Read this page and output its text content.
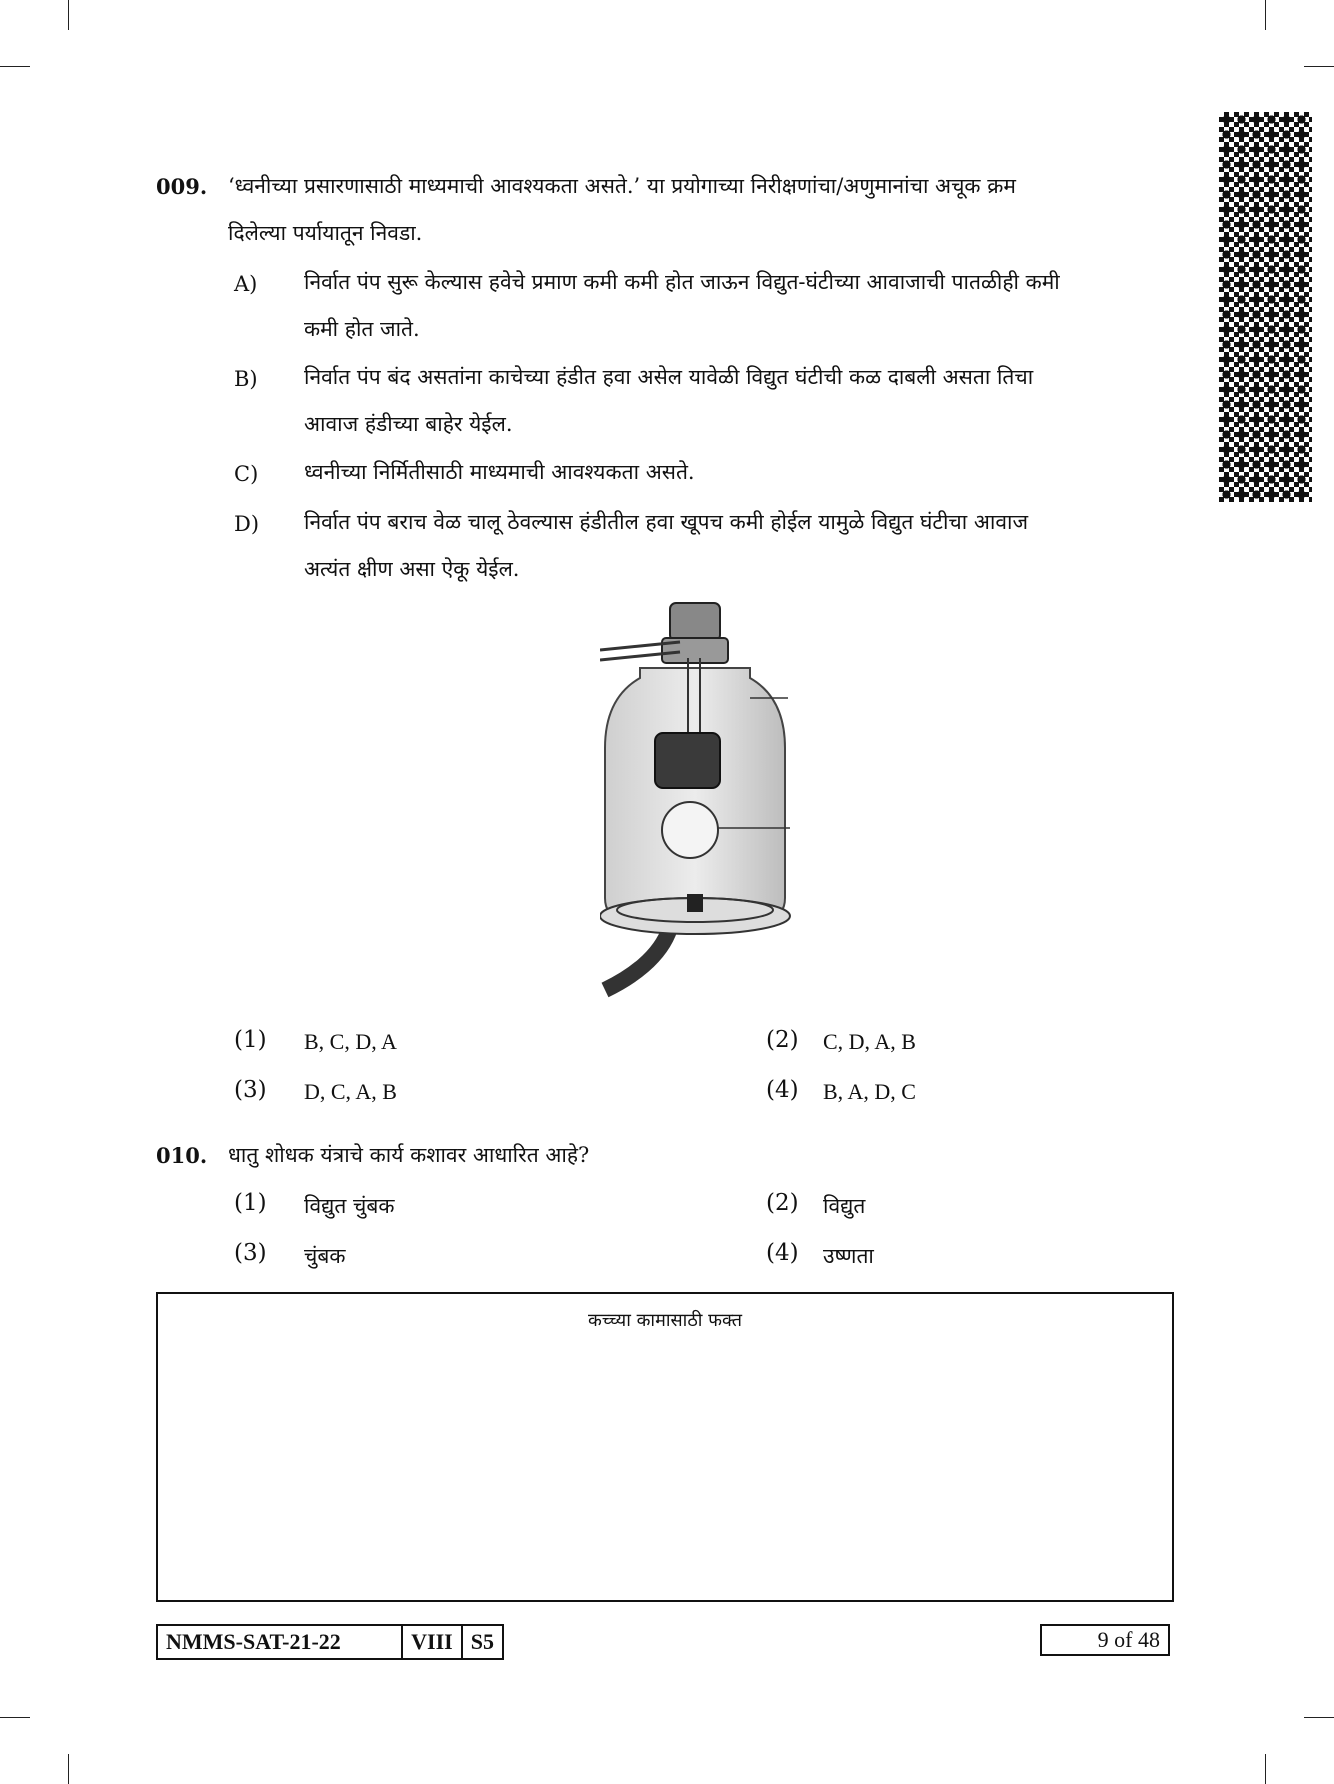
009. ‘ध्वनीच्या प्रसारणासाठी माध्यमाची आवश्यकता असते.’ या प्रयोगाच्या निरीक्षणांचा/अणुमानांचा अचूक क्रम
दिलेल्या पर्यायातून निवडा.
A) निर्वात पंप सुरू केल्यास हवेचे प्रमाण कमी कमी होत जाऊन विद्युत-घंटीच्या आवाजाची पातळीही कमी
कमी होत जाते.
B) निर्वात पंप बंद असतांना काचेच्या हंडीत हवा असेल यावेळी विद्युत घंटीची कळ दाबली असता तिचा
आवाज हंडीच्या बाहेर येईल.
C) ध्वनीच्या निर्मितीसाठी माध्यमाची आवश्यकता असते.
D) निर्वात पंप बराच वेळ चालू ठेवल्यास हंडीतील हवा खूपच कमी होईल यामुळे विद्युत घंटीचा आवाज
अत्यंत क्षीण असा ऐकू येईल.
(1) B, C, D, A	(2) C, D, A, B
(3) D, C, A, B	(4) B, A, D, C
010. धातु शोधक यंत्राचे कार्य कशावर आधारित आहे?
(1) विद्युत चुंबक	(2) विद्युत
(3) चुंबक	(4) उष्णता
कच्च्या कामासाठी फक्त
NMMS-SAT-21-22	VIII S5	9 of 48
